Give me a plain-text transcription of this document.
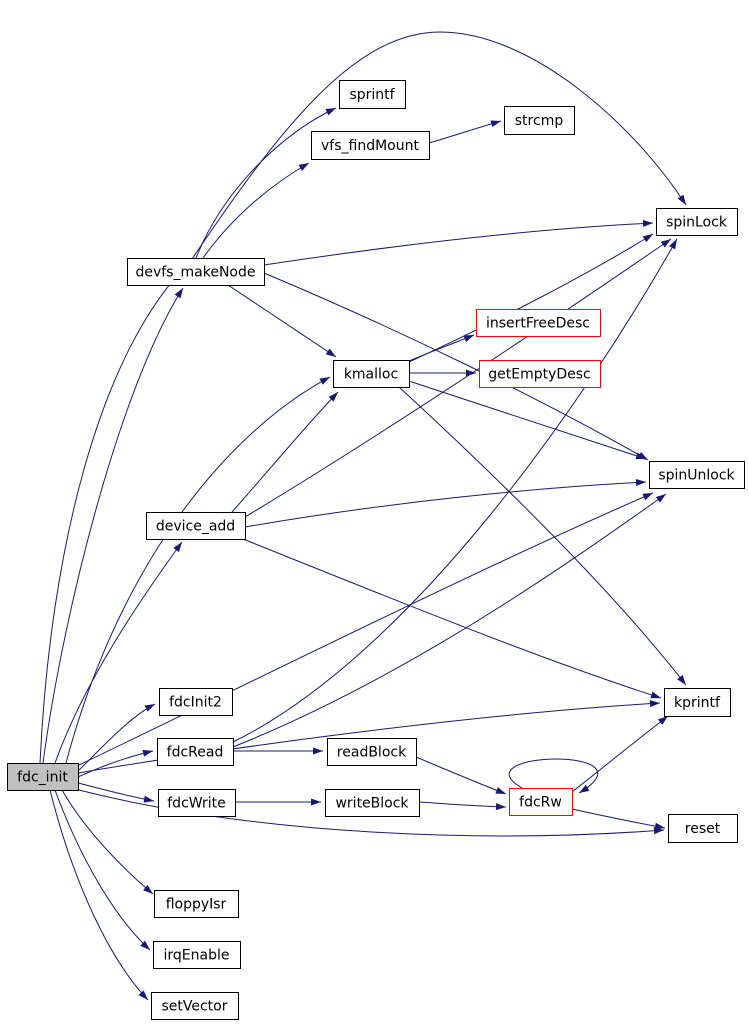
fdc_init
sprintf
vfs_findMount
strcmp
spinLock
devfs_makeNode
insertFreeDesc
kmalloc	getEmptyDesc
spinUnlock
device_add
fdcInit2	kprintf
fdcRead	readBlock
fdcWrite	writeBlock	fdcRw
reset
floppyIsr
irqEnable
setVector
